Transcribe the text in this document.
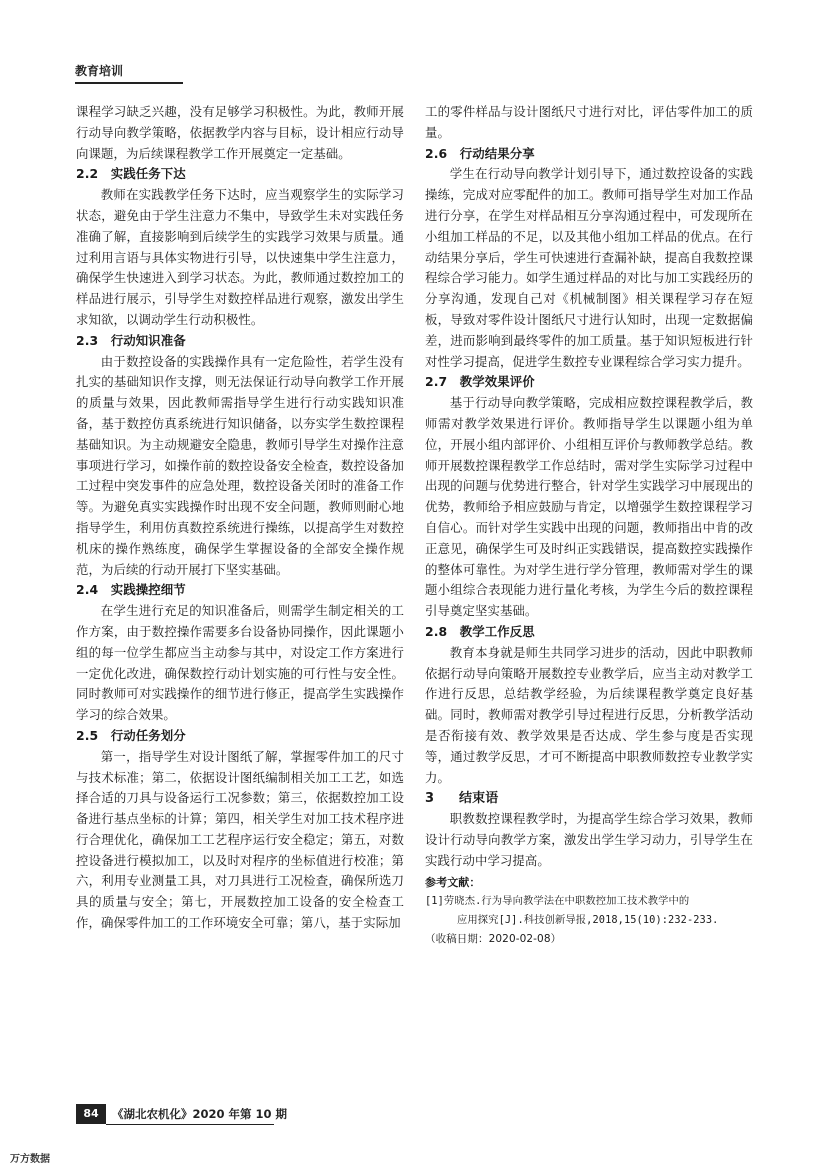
教育培训

课程学习缺乏兴趣，没有足够学习积极性。为此，教师开展行动导向教学策略，依据教学内容与目标，设计相应行动导向课题，为后续课程教学工作开展奠定一定基础。

2.2　实践任务下达

教师在实践教学任务下达时，应当观察学生的实际学习状态，避免由于学生注意力不集中，导致学生未对实践任务准确了解，直接影响到后续学生的实践学习效果与质量。通过利用言语与具体实物进行引导，以快速集中学生注意力，确保学生快速进入到学习状态。为此，教师通过数控加工的样品进行展示，引导学生对数控样品进行观察，激发出学生求知欲，以调动学生行动积极性。

2.3　行动知识准备

由于数控设备的实践操作具有一定危险性，若学生没有扎实的基础知识作支撑，则无法保证行动导向教学工作开展的质量与效果，因此教师需指导学生进行行动实践知识准备，基于数控仿真系统进行知识储备，以夯实学生数控课程基础知识。为主动规避安全隐患，教师引导学生对操作注意事项进行学习，如操作前的数控设备安全检查，数控设备加工过程中突发事件的应急处理，数控设备关闭时的准备工作等。为避免真实实践操作时出现不安全问题，教师则耐心地指导学生，利用仿真数控系统进行操练，以提高学生对数控机床的操作熟练度，确保学生掌握设备的全部安全操作规范，为后续的行动开展打下坚实基础。

2.4　实践操控细节

在学生进行充足的知识准备后，则需学生制定相关的工作方案，由于数控操作需要多台设备协同操作，因此课题小组的每一位学生都应当主动参与其中，对设定工作方案进行一定优化改进，确保数控行动计划实施的可行性与安全性。同时教师可对实践操作的细节进行修正，提高学生实践操作学习的综合效果。

2.5　行动任务划分

第一，指导学生对设计图纸了解，掌握零件加工的尺寸与技术标准；第二，依据设计图纸编制相关加工工艺，如选择合适的刀具与设备运行工况参数；第三，依据数控加工设备进行基点坐标的计算；第四，相关学生对加工技术程序进行合理优化，确保加工工艺程序运行安全稳定；第五，对数控设备进行模拟加工，以及时对程序的坐标值进行校准；第六，利用专业测量工具，对刀具进行工况检查，确保所选刀具的质量与安全；第七，开展数控加工设备的安全检查工作，确保零件加工的工作环境安全可靠；第八，基于实际加

工的零件样品与设计图纸尺寸进行对比，评估零件加工的质量。

2.6　行动结果分享

学生在行动导向教学计划引导下，通过数控设备的实践操练，完成对应零配件的加工。教师可指导学生对加工作品进行分享，在学生对样品相互分享沟通过程中，可发现所在小组加工样品的不足，以及其他小组加工样品的优点。在行动结果分享后，学生可快速进行查漏补缺，提高自我数控课程综合学习能力。如学生通过样品的对比与加工实践经历的分享沟通，发现自己对《机械制图》相关课程学习存在短板，导致对零件设计图纸尺寸进行认知时，出现一定数据偏差，进而影响到最终零件的加工质量。基于知识短板进行针对性学习提高，促进学生数控专业课程综合学习实力提升。

2.7　教学效果评价

基于行动导向教学策略，完成相应数控课程教学后，教师需对教学效果进行评价。教师指导学生以课题小组为单位，开展小组内部评价、小组相互评价与教师教学总结。教师开展数控课程教学工作总结时，需对学生实际学习过程中出现的问题与优势进行整合，针对学生实践学习中展现出的优势，教师给予相应鼓励与肯定，以增强学生数控课程学习自信心。而针对学生实践中出现的问题，教师指出中肯的改正意见，确保学生可及时纠正实践错误，提高数控实践操作的整体可靠性。为对学生进行学分管理，教师需对学生的课题小组综合表现能力进行量化考核，为学生今后的数控课程引导奠定坚实基础。

2.8　教学工作反思

教育本身就是师生共同学习进步的活动，因此中职教师依据行动导向策略开展数控专业教学后，应当主动对教学工作进行反思，总结教学经验，为后续课程教学奠定良好基础。同时，教师需对教学引导过程进行反思，分析教学活动是否衔接有效、教学效果是否达成、学生参与度是否实现等，通过教学反思，才可不断提高中职教师数控专业教学实力。

3 结束语

职教数控课程教学时，为提高学生综合学习效果，教师设计行动导向教学方案，激发出学生学习动力，引导学生在实践行动中学习提高。

参考文献：

[1]劳晓杰.行为导向教学法在中职数控加工技术教学中的

应用探究[J].科技创新导报,2018,15(10):232-233.

（收稿日期：2020-02-08）

84	《湖北农机化》2020 年第 10 期
万方数据
